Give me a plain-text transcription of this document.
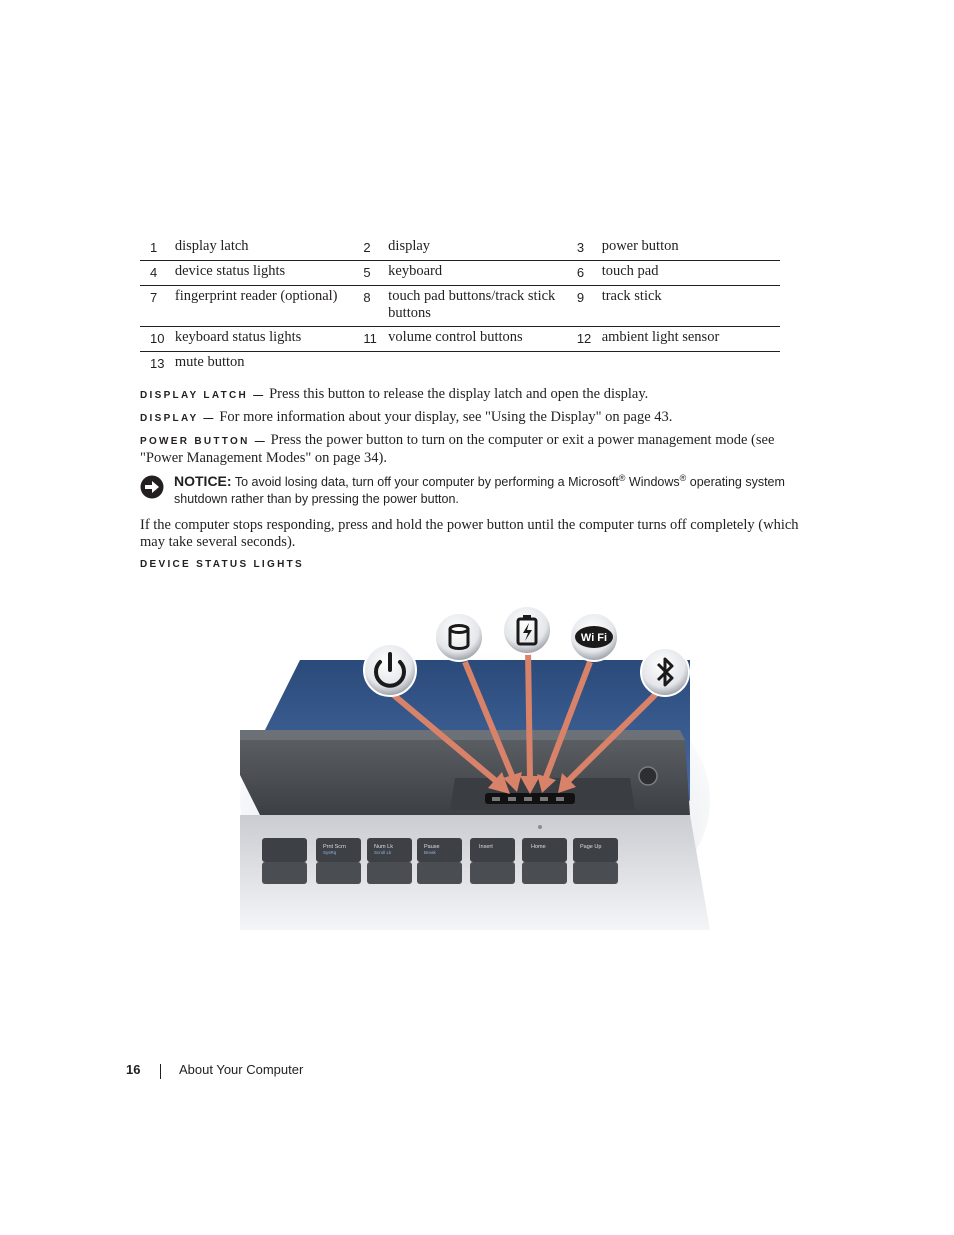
1	display latch	2	display	3	power button
4	device status lights	5	keyboard	6	touch pad
7	fingerprint reader (optional)	8	touch pad buttons/track stick buttons	9	track stick
10	keyboard status lights	11	volume control buttons	12	ambient light sensor
13	mute button				

DISPLAY LATCH — Press this button to release the display latch and open the display.

DISPLAY — For more information about your display, see "Using the Display" on page 43.

POWER BUTTON — Press the power button to turn on the computer or exit a power management mode (see "Power Management Modes" on page 34).

NOTICE: To avoid losing data, turn off your computer by performing a Microsoft® Windows® operating system shutdown rather than by pressing the power button.

If the computer stops responding, press and hold the power button until the computer turns off completely (which may take several seconds).

DEVICE STATUS LIGHTS

Prnt Scrn
SysRq
Num Lk
Scroll Lk
Pause
Break
Insert	Home	Page Up
Wi Fi
16	About Your Computer
